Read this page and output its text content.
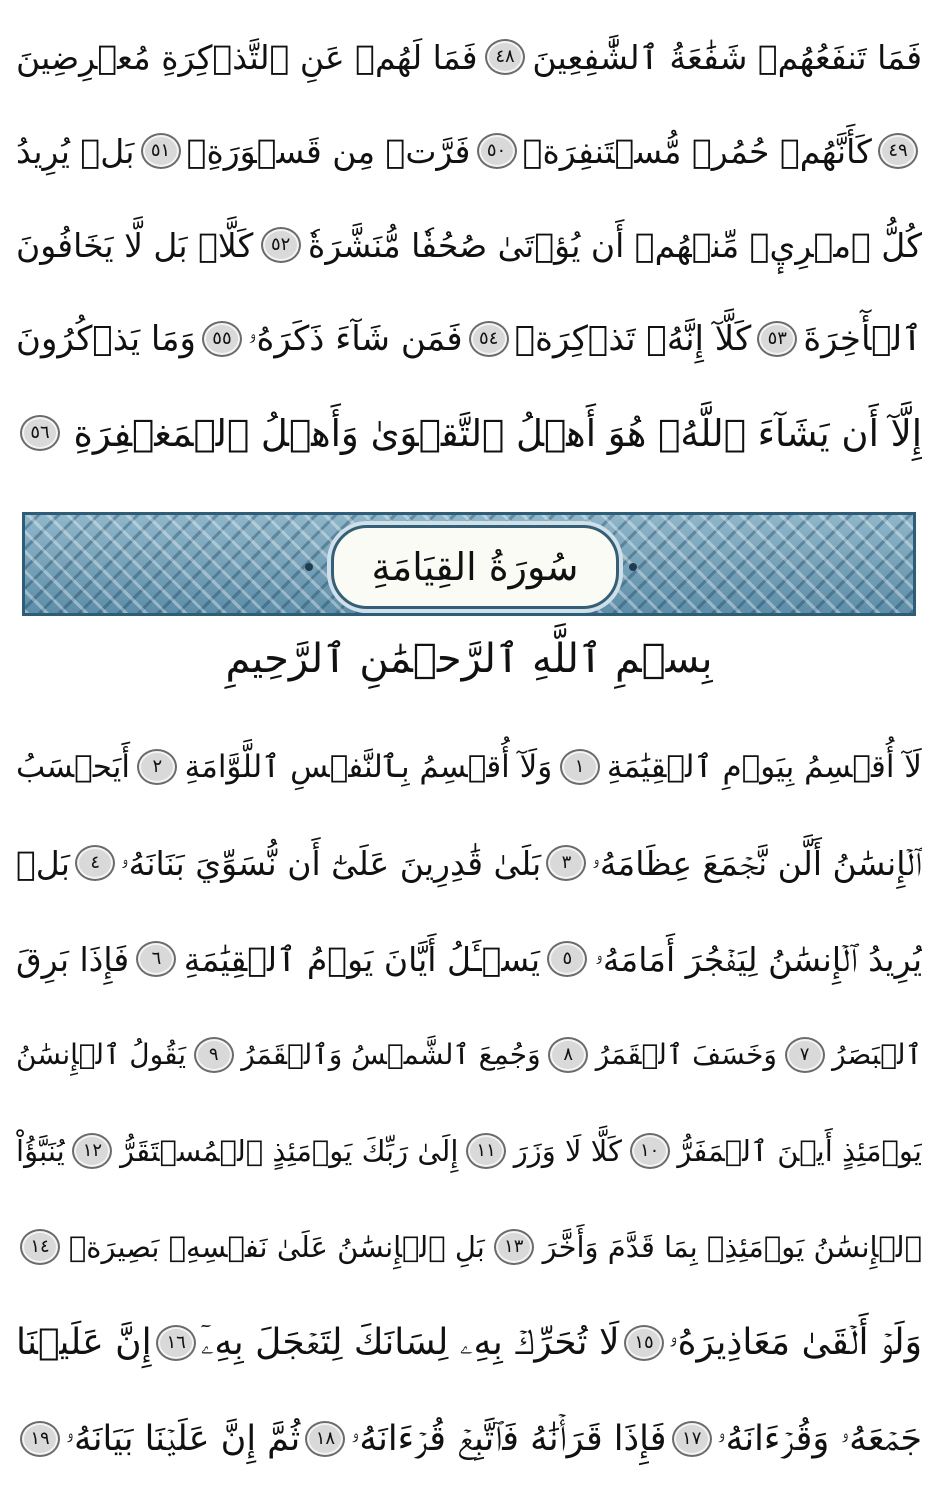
فَمَا تَنفَعُهُمۡ شَفَٰعَةُ ٱلشَّٰفِعِينَ
٤٨
فَمَا لَهُمۡ عَنِ ٱلتَّذۡكِرَةِ مُعۡرِضِينَ
٤٩
كَأَنَّهُمۡ حُمُرٞ مُّسۡتَنفِرَةٞ
٥٠
فَرَّتۡ مِن قَسۡوَرَةِۭ
٥١
بَلۡ يُرِيدُ
كُلُّ ٱمۡرِيٕٖ مِّنۡهُمۡ أَن يُؤۡتَىٰ صُحُفٗا مُّنَشَّرَةٗ
٥٢
كَلَّاۖ بَل لَّا يَخَافُونَ
ٱلۡأٓخِرَةَ
٥٣
كَلَّآ إِنَّهُۥ تَذۡكِرَةٞ
٥٤
فَمَن شَآءَ ذَكَرَهُۥ
٥٥
وَمَا يَذۡكُرُونَ
إِلَّآ أَن يَشَآءَ ٱللَّهُۚ هُوَ أَهۡلُ ٱلتَّقۡوَىٰ وَأَهۡلُ ٱلۡمَغۡفِرَةِ
٥٦
سُورَةُ القِيَامَةِ
بِسۡمِ ٱللَّهِ ٱلرَّحۡمَٰنِ ٱلرَّحِيمِ
لَآ أُقۡسِمُ بِيَوۡمِ ٱلۡقِيَٰمَةِ
١
وَلَآ أُقۡسِمُ بِٱلنَّفۡسِ ٱللَّوَّامَةِ
٢
أَيَحۡسَبُ
ٱلۡإِنسَٰنُ أَلَّن نَّجۡمَعَ عِظَامَهُۥ
٣
بَلَىٰ قَٰدِرِينَ عَلَىٰٓ أَن نُّسَوِّيَ بَنَانَهُۥ
٤
بَلۡ
يُرِيدُ ٱلۡإِنسَٰنُ لِيَفۡجُرَ أَمَامَهُۥ
٥
يَسۡـَٔلُ أَيَّانَ يَوۡمُ ٱلۡقِيَٰمَةِ
٦
فَإِذَا بَرِقَ
ٱلۡبَصَرُ
٧
وَخَسَفَ ٱلۡقَمَرُ
٨
وَجُمِعَ ٱلشَّمۡسُ وَٱلۡقَمَرُ
٩
يَقُولُ ٱلۡإِنسَٰنُ
يَوۡمَئِذٍ أَيۡنَ ٱلۡمَفَرُّ
١٠
كَلَّا لَا وَزَرَ
١١
إِلَىٰ رَبِّكَ يَوۡمَئِذٍ ٱلۡمُسۡتَقَرُّ
١٢
يُنَبَّؤُاْ
ٱلۡإِنسَٰنُ يَوۡمَئِذِۭ بِمَا قَدَّمَ وَأَخَّرَ
١٣
بَلِ ٱلۡإِنسَٰنُ عَلَىٰ نَفۡسِهِۦ بَصِيرَةٞ
١٤
وَلَوۡ أَلۡقَىٰ مَعَاذِيرَهُۥ
١٥
لَا تُحَرِّكۡ بِهِۦ لِسَانَكَ لِتَعۡجَلَ بِهِۦٓ
١٦
إِنَّ عَلَيۡنَا
جَمۡعَهُۥ وَقُرۡءَانَهُۥ
١٧
فَإِذَا قَرَأۡنَٰهُ فَٱتَّبِعۡ قُرۡءَانَهُۥ
١٨
ثُمَّ إِنَّ عَلَيۡنَا بَيَانَهُۥ
١٩
